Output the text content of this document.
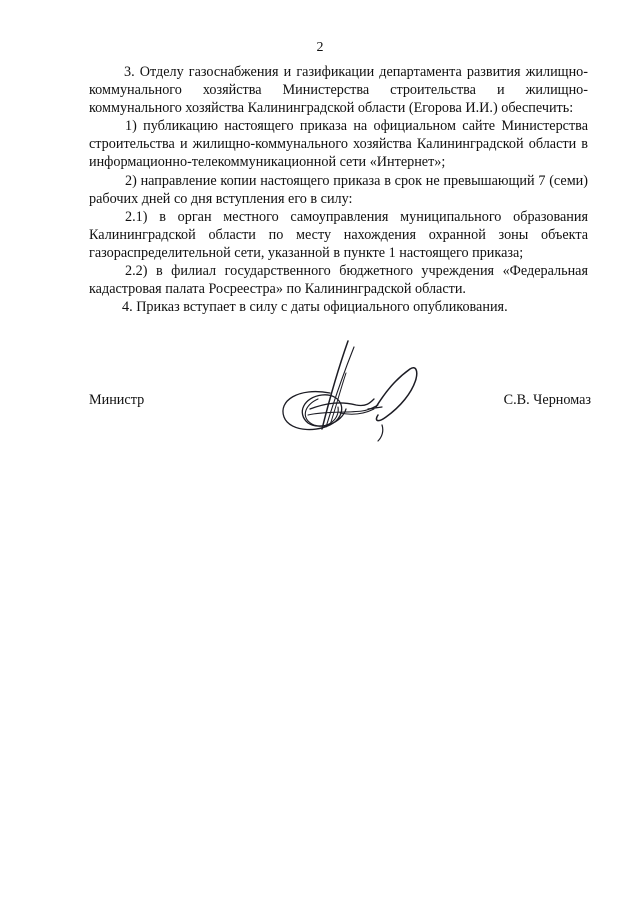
2

3. Отделу газоснабжения и газификации департамента развития жилищно-коммунального хозяйства Министерства строительства и жилищно-коммунального хозяйства Калининградской области (Егорова И.И.) обеспечить:

1) публикацию настоящего приказа на официальном сайте Министерства строительства и жилищно-коммунального хозяйства Калининградской области в информационно-телекоммуникационной сети «Интернет»;

2) направление копии настоящего приказа в срок не превышающий 7 (семи) рабочих дней со дня вступления его в силу:

2.1) в орган местного самоуправления муниципального образования Калининградской области по месту нахождения охранной зоны объекта газораспределительной сети, указанной в пункте 1 настоящего приказа;

2.2) в филиал государственного бюджетного учреждения «Федеральная кадастровая палата Росреестра» по Калининградской области.

4. Приказ вступает в силу с даты официального опубликования.

Министр	С.В. Черномаз
